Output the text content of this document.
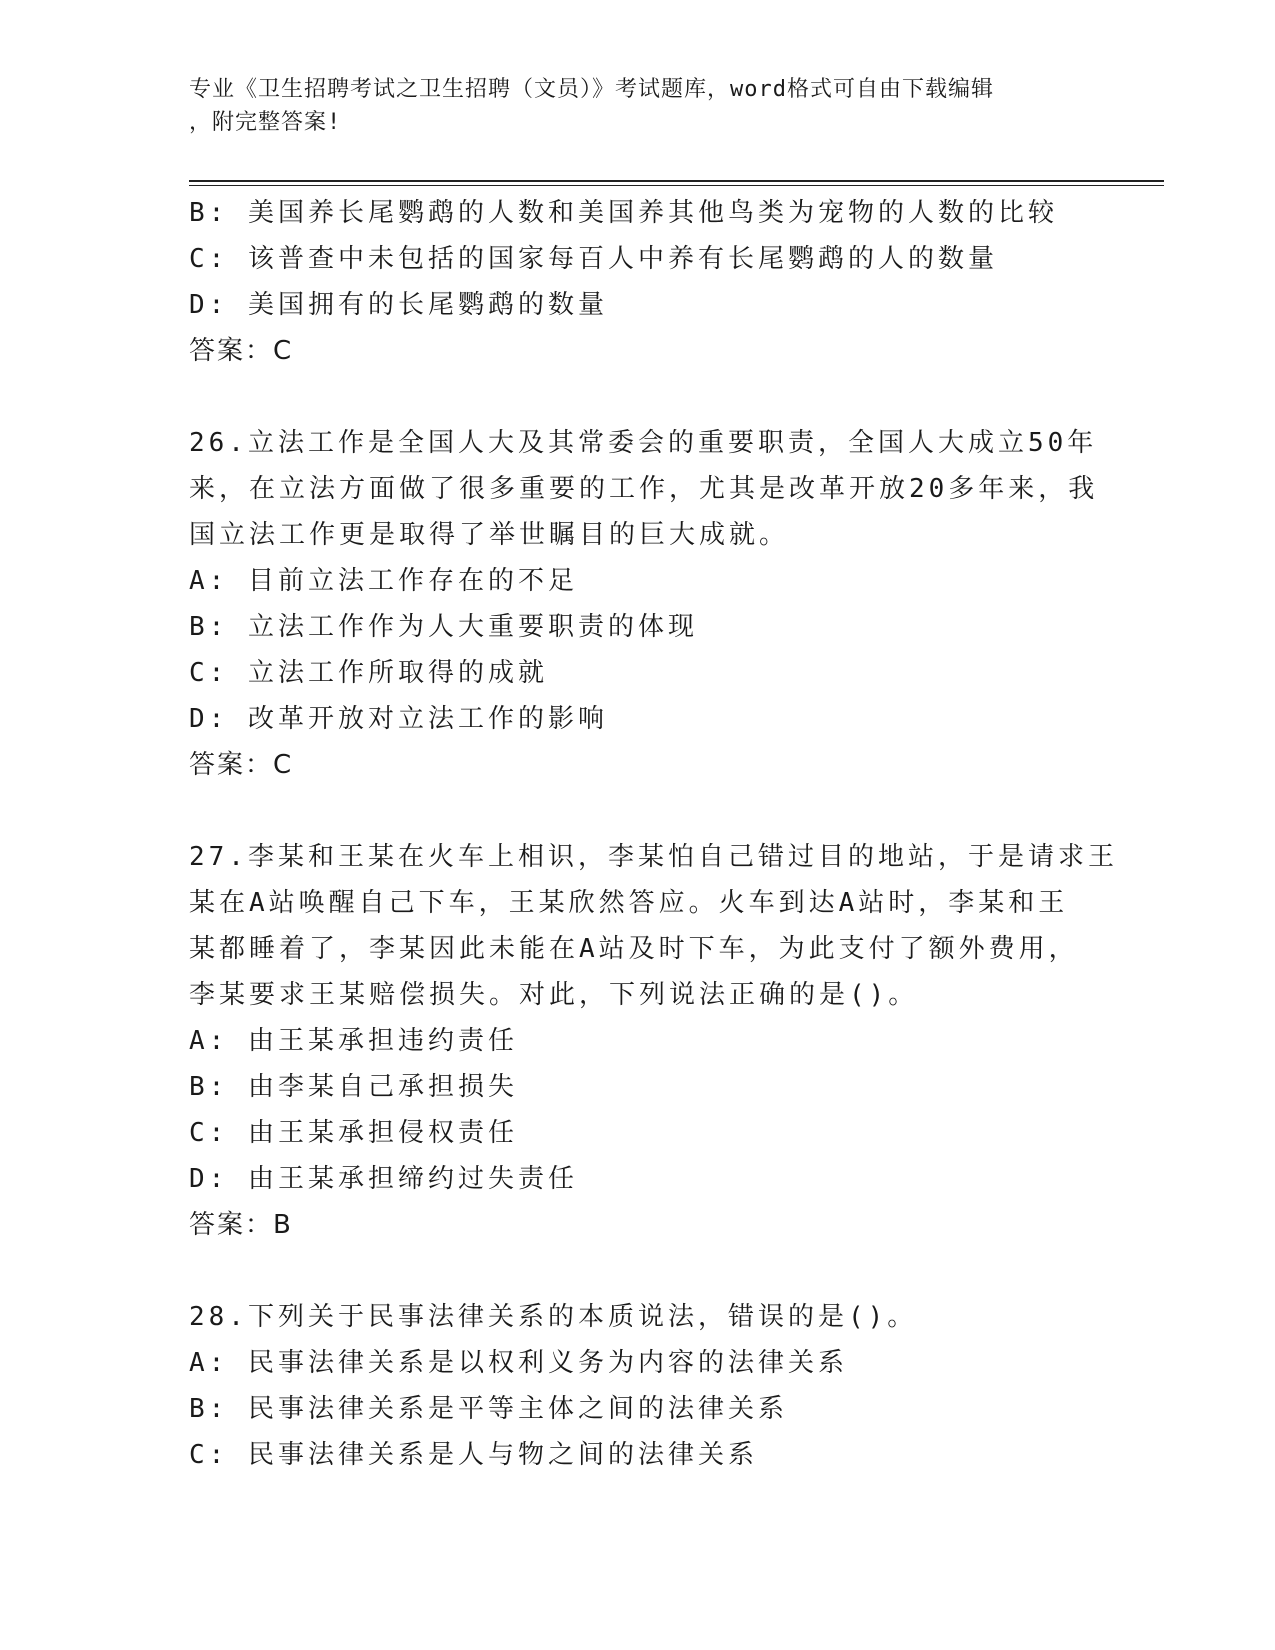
专业《卫生招聘考试之卫生招聘（文员）》考试题库，word格式可自由下载编辑
，附完整答案!

B: 美国养长尾鹦鹉的人数和美国养其他鸟类为宠物的人数的比较

C: 该普查中未包括的国家每百人中养有长尾鹦鹉的人的数量

D: 美国拥有的长尾鹦鹉的数量

答案：C

26.立法工作是全国人大及其常委会的重要职责，全国人大成立50年

来，在立法方面做了很多重要的工作，尤其是改革开放20多年来，我

国立法工作更是取得了举世瞩目的巨大成就。

A: 目前立法工作存在的不足

B: 立法工作作为人大重要职责的体现

C: 立法工作所取得的成就

D: 改革开放对立法工作的影响

答案：C

27.李某和王某在火车上相识，李某怕自己错过目的地站，于是请求王

某在A站唤醒自己下车，王某欣然答应。火车到达A站时，李某和王

某都睡着了，李某因此未能在A站及时下车，为此支付了额外费用，

李某要求王某赔偿损失。对此，下列说法正确的是()。

A: 由王某承担违约责任

B: 由李某自己承担损失

C: 由王某承担侵权责任

D: 由王某承担缔约过失责任

答案：B

28.下列关于民事法律关系的本质说法，错误的是()。

A: 民事法律关系是以权利义务为内容的法律关系

B: 民事法律关系是平等主体之间的法律关系

C: 民事法律关系是人与物之间的法律关系
